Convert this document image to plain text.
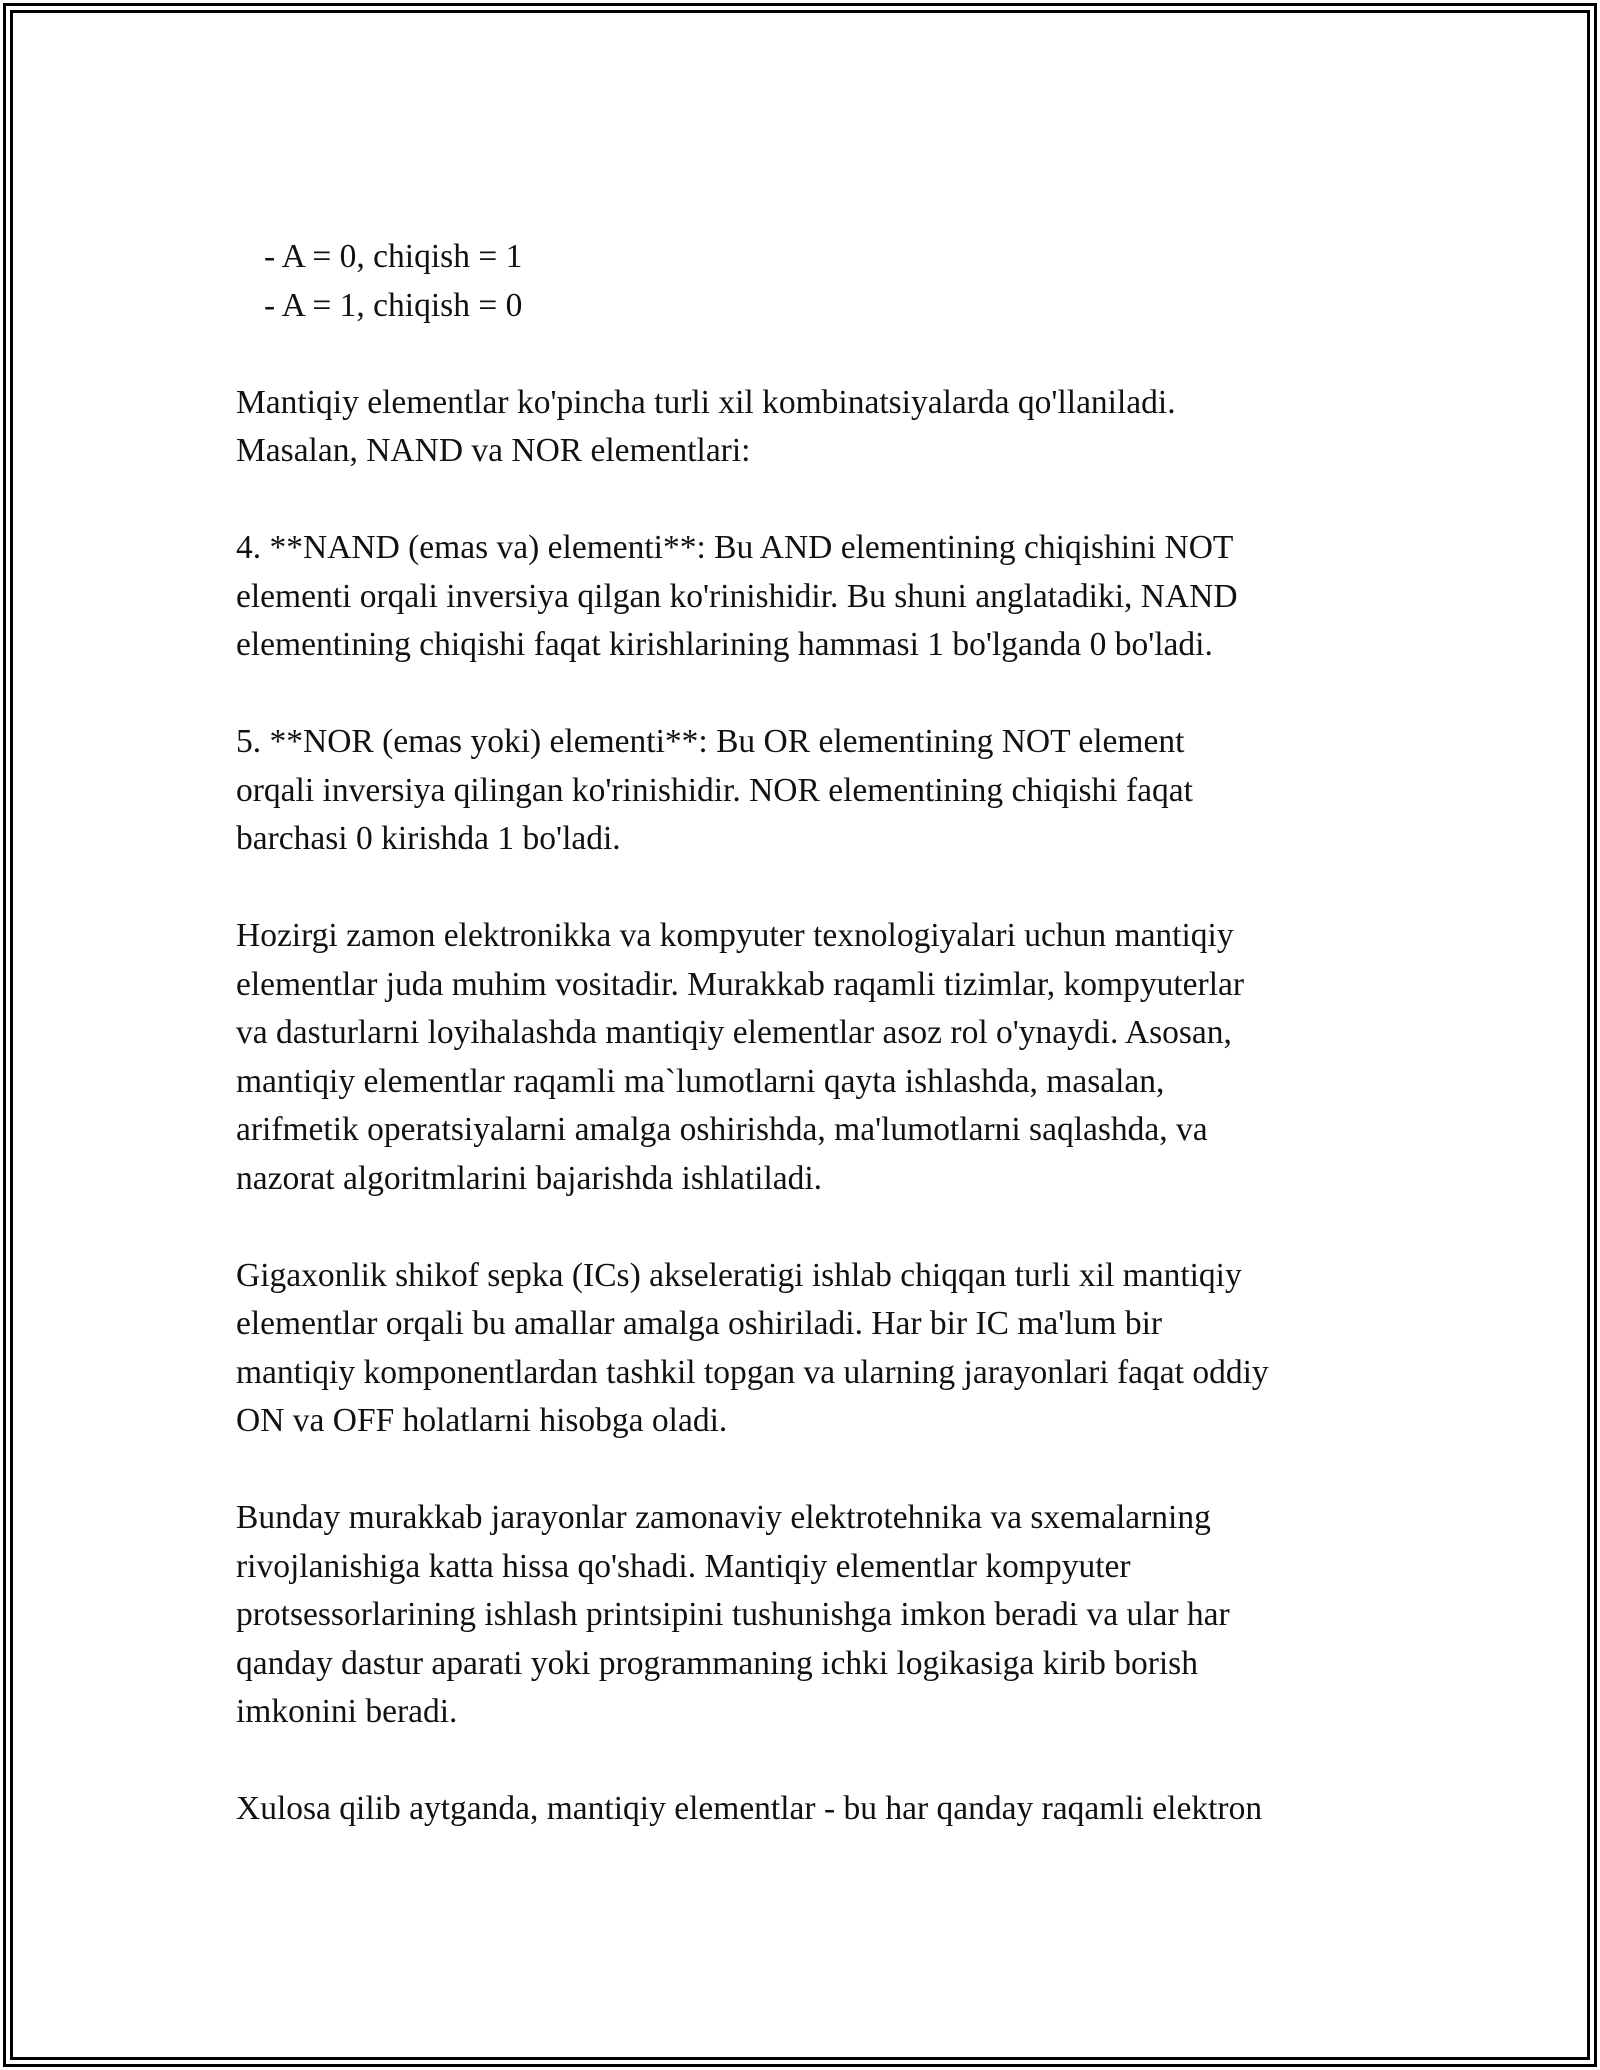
- A = 0, chiqish = 1
- A = 1, chiqish = 0
Mantiqiy elementlar ko'pincha turli xil kombinatsiyalarda qo'llaniladi.
Masalan, NAND va NOR elementlari:
4. **NAND (emas va) elementi**: Bu AND elementining chiqishini NOT
elementi orqali inversiya qilgan ko'rinishidir. Bu shuni anglatadiki, NAND
elementining chiqishi faqat kirishlarining hammasi 1 bo'lganda 0 bo'ladi.
5. **NOR (emas yoki) elementi**: Bu OR elementining NOT element
orqali inversiya qilingan ko'rinishidir. NOR elementining chiqishi faqat
barchasi 0 kirishda 1 bo'ladi.
Hozirgi zamon elektronikka va kompyuter texnologiyalari uchun mantiqiy
elementlar juda muhim vositadir. Murakkab raqamli tizimlar, kompyuterlar
va dasturlarni loyihalashda mantiqiy elementlar asoz rol o'ynaydi. Asosan,
mantiqiy elementlar raqamli ma`lumotlarni qayta ishlashda, masalan,
arifmetik operatsiyalarni amalga oshirishda, ma'lumotlarni saqlashda, va
nazorat algoritmlarini bajarishda ishlatiladi.
Gigaxonlik shikof sepka (ICs) akseleratigi ishlab chiqqan turli xil mantiqiy
elementlar orqali bu amallar amalga oshiriladi. Har bir IC ma'lum bir
mantiqiy komponentlardan tashkil topgan va ularning jarayonlari faqat oddiy
ON va OFF holatlarni hisobga oladi.
Bunday murakkab jarayonlar zamonaviy elektrotehnika va sxemalarning
rivojlanishiga katta hissa qo'shadi. Mantiqiy elementlar kompyuter
protsessorlarining ishlash printsipini tushunishga imkon beradi va ular har
qanday dastur aparati yoki programmaning ichki logikasiga kirib borish
imkonini beradi.
Xulosa qilib aytganda, mantiqiy elementlar - bu har qanday raqamli elektron
